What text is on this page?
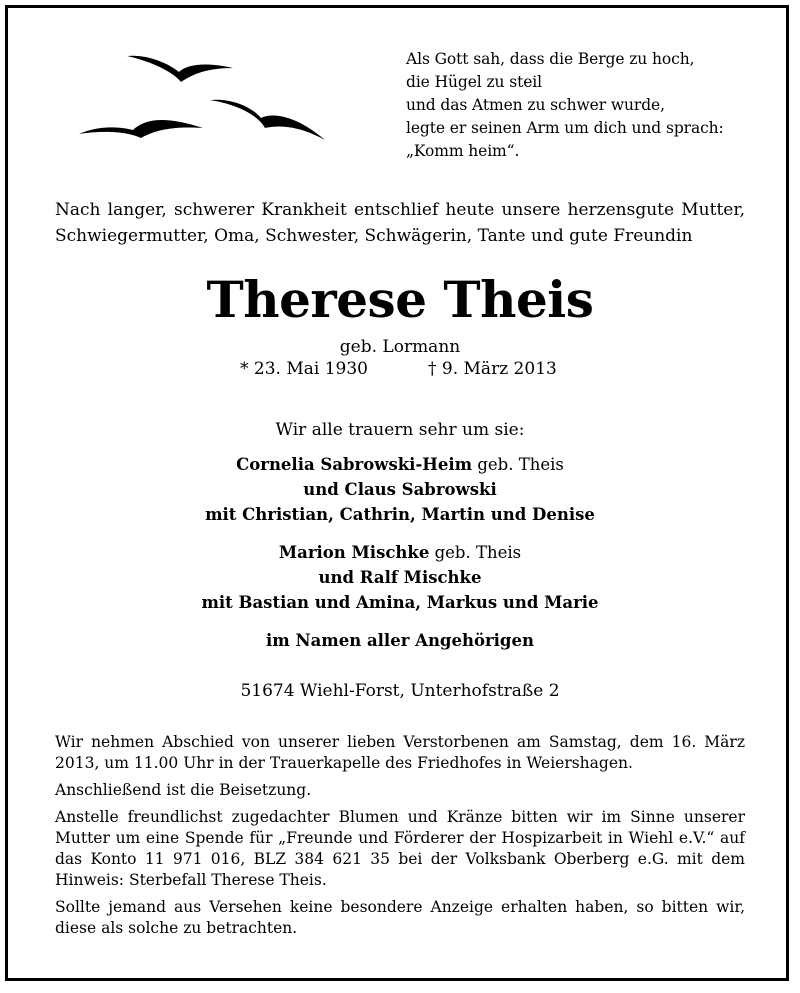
Als Gott sah, dass die Berge zu hoch,
die Hügel zu steil
und das Atmen zu schwer wurde,
legte er seinen Arm um dich und sprach:
„Komm heim“.
Nach langer, schwerer Krankheit entschlief heute unsere herzensgute Mutter,
Schwiegermutter, Oma, Schwester, Schwägerin, Tante und gute Freundin
Therese Theis
geb. Lormann
* 23. Mai 1930	† 9. März 2013
Wir alle trauern sehr um sie:
Cornelia Sabrowski-Heim geb. Theis
und Claus Sabrowski
mit Christian, Cathrin, Martin und Denise
Marion Mischke geb. Theis
und Ralf Mischke
mit Bastian und Amina, Markus und Marie
im Namen aller Angehörigen
51674 Wiehl-Forst, Unterhofstraße 2

Wir nehmen Abschied von unserer lieben Verstorbenen am Samstag, dem 16. März 2013, um 11.00 Uhr in der Trauerkapelle des Friedhofes in Weiershagen.

Anschließend ist die Beisetzung.

Anstelle freundlichst zugedachter Blumen und Kränze bitten wir im Sinne unserer Mutter um eine Spende für „Freunde und Förderer der Hospizarbeit in Wiehl e.V.“ auf das Konto 11 971 016, BLZ 384 621 35 bei der Volksbank Oberberg e.G. mit dem Hinweis: Sterbefall Therese Theis.

Sollte jemand aus Versehen keine besondere Anzeige erhalten haben, so bitten wir, diese als solche zu betrachten.
